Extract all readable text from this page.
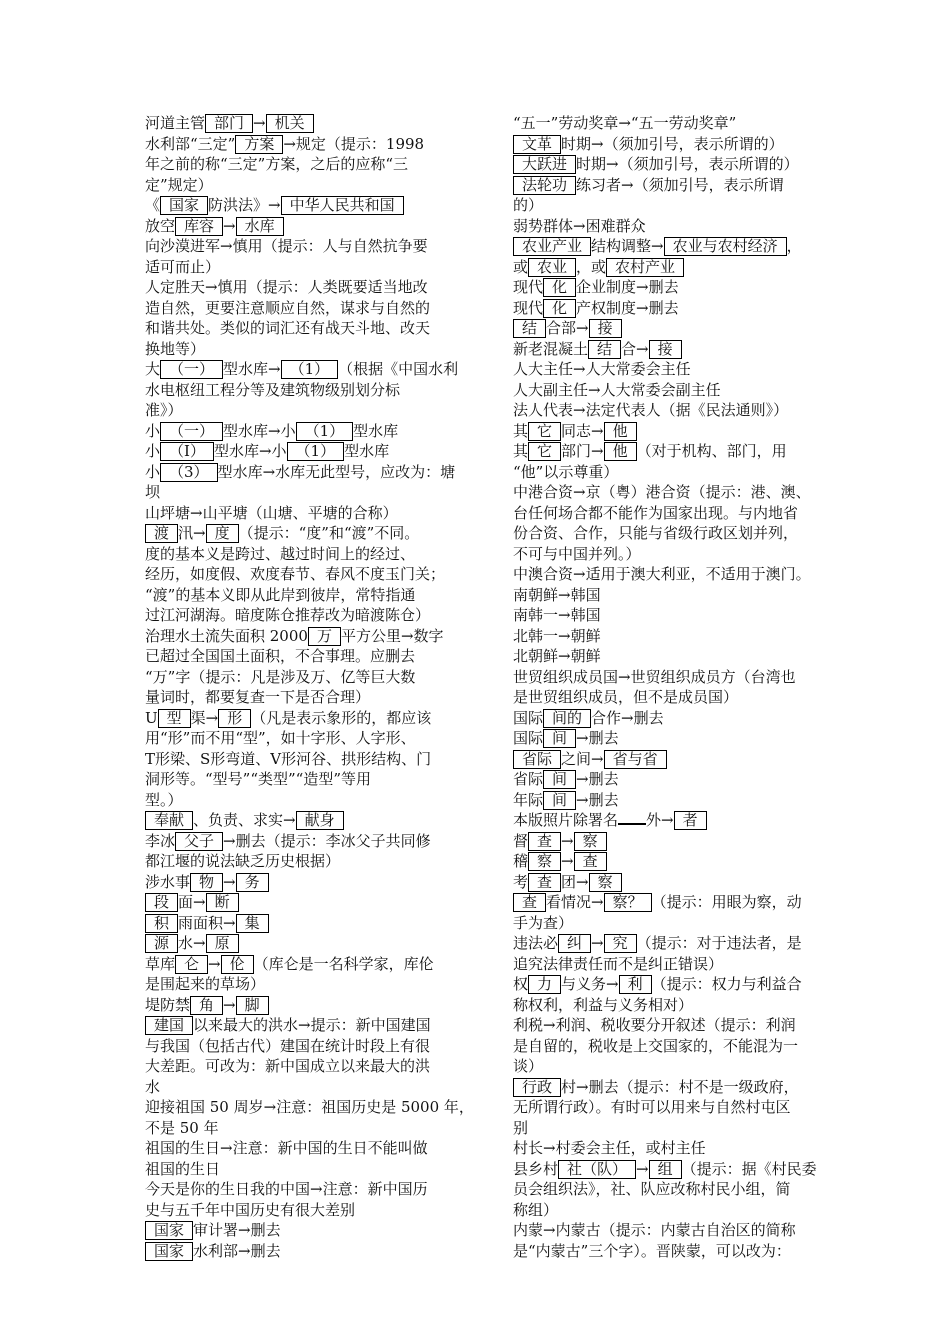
河道主管 部门 → 机关
水利部“三定” 方案 →规定（提示：1998
年之前的称“三定”方案，之后的应称“三
定”规定）
《 国家 防洪法》→ 中华人民共和国
放空 库容 → 水库
向沙漠进军→慎用（提示：人与自然抗争要
适可而止）
人定胜天→慎用（提示：人类既要适当地改
造自然，更要注意顺应自然，谋求与自然的
和谐共处。类似的词汇还有战天斗地、改天
换地等）
大 （一） 型水库→ （1） （根据《中国水利
水电枢纽工程分等及建筑物级别划分标
准》）
小 （一） 型水库→小 （1） 型水库
小 （Ⅰ） 型水库→小 （1） 型水库
小 （3） 型水库→水库无此型号，应改为：塘
坝
山坪塘→山平塘（山塘、平塘的合称）
渡 汛→ 度 （提示：“度”和“渡”不同。
度的基本义是跨过、越过时间上的经过、
经历，如度假、欢度春节、春风不度玉门关；
“渡”的基本义即从此岸到彼岸，常特指通
过江河湖海。暗度陈仓推荐改为暗渡陈仓）
治理水土流失面积 2000 万 平方公里→数字
已超过全国国土面积，不合事理。应删去
“万”字（提示：凡是涉及万、亿等巨大数
量词时，都要复查一下是否合理）
U 型 渠→ 形 （凡是表示象形的，都应该
用“形”而不用“型”，如十字形、人字形、
T形梁、S形弯道、V形河谷、拱形结构、门
洞形等。“型号”“类型”“造型”等用
型。）
奉献 、负责、求实→ 献身
李冰 父子 →删去（提示：李冰父子共同修
都江堰的说法缺乏历史根据）
涉水事 物 → 务
段 面→ 断
积 雨面积→ 集
源 水→ 原
草库 仑 → 伦 （库仑是一名科学家，库伦
是围起来的草场）
堤防禁 角 → 脚
建国 以来最大的洪水→提示：新中国建国
与我国（包括古代）建国在统计时段上有很
大差距。可改为：新中国成立以来最大的洪
水
迎接祖国 50 周岁→注意：祖国历史是 5000 年，
不是 50 年
祖国的生日→注意：新中国的生日不能叫做
祖国的生日
今天是你的生日我的中国→注意：新中国历
史与五千年中国历史有很大差别
国家 审计署→删去
国家 水利部→删去
“五一”劳动奖章→“五一劳动奖章”
文革 时期→（须加引号，表示所谓的）
大跃进 时期→（须加引号，表示所谓的）
法轮功 练习者→（须加引号，表示所谓
的）
弱势群体→困难群众
农业产业 结构调整→ 农业与农村经济 ，
或 农业 ，或 农村产业
现代 化 企业制度→删去
现代 化 产权制度→删去
结 合部→ 接
新老混凝土 结 合→ 接
人大主任→人大常委会主任
人大副主任→人大常委会副主任
法人代表→法定代表人（据《民法通则》）
其 它 同志→ 他
其 它 部门→ 他 （对于机构、部门，用
“他”以示尊重）
中港合资→京（粤）港合资（提示：港、澳、
台任何场合都不能作为国家出现。与内地省
份合资、合作，只能与省级行政区划并列，
不可与中国并列。）
中澳合资→适用于澳大利亚，不适用于澳门。
南朝鲜→韩国
南韩一→韩国
北韩一→朝鲜
北朝鲜→朝鲜
世贸组织成员国→世贸组织成员方（台湾也
是世贸组织成员，但不是成员国）
国际 间的 合作→删去
国际 间 →删去
省际 之间→ 省与省
省际 间 →删去
年际 间 →删去
本版照片除署名 外→ 者
督 查 → 察
稽 察 → 查
考 查 团→ 察
查 看情况→ 察？ （提示：用眼为察，动
手为查）
违法必 纠 → 究 （提示：对于违法者，是
追究法律责任而不是纠正错误）
权 力 与义务→ 利 （提示：权力与利益合
称权利，利益与义务相对）
利税→利润、税收要分开叙述（提示：利润
是自留的，税收是上交国家的，不能混为一
谈）
行政 村→删去（提示：村不是一级政府，
无所谓行政）。有时可以用来与自然村屯区
别
村长→村委会主任，或村主任
县乡村 社（队） → 组 （提示：据《村民委
员会组织法》，社、队应改称村民小组，简
称组）
内蒙→内蒙古（提示：内蒙古自治区的简称
是“内蒙古”三个字）。晋陕蒙，可以改为：
